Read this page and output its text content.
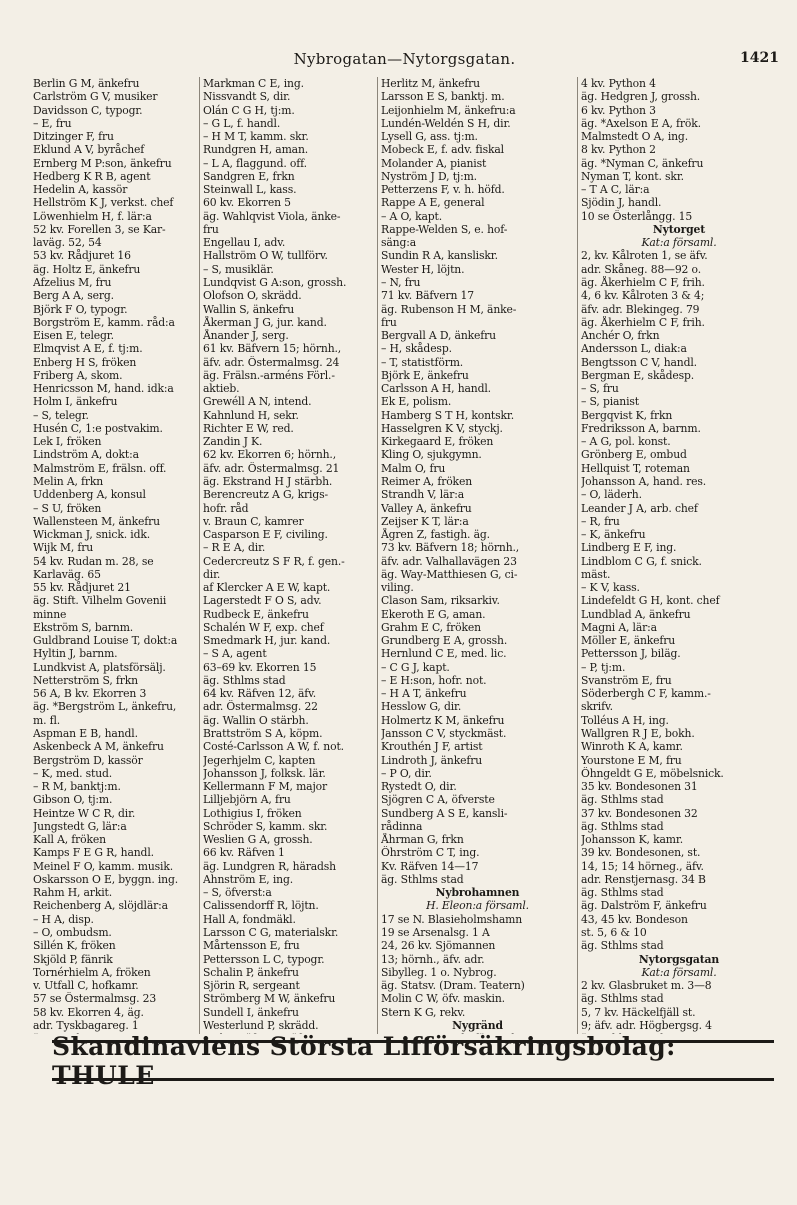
Nybrogatan—Nytorgsgatan.	1421
Berlin G M, änkefru
Carlström G V, musiker
Davidsson C, typogr.
– E, fru
Ditzinger F, fru
Eklund A V, byråchef
Ernberg M P:son, änkefru
Hedberg K R B, agent
Hedelin A, kassör
Hellström K J, verkst. chef
Löwenhielm H, f. lär:a
52 kv. Forellen 3, se Kar-
laväg. 52, 54
53 kv. Rådjuret 16
äg. Holtz E, änkefru
Afzelius M, fru
Berg A A, serg.
Björk F O, typogr.
Borgström E, kamm. råd:a
Eisen E, telegr.
Elmqvist A E, f. tj:m.
Enberg H S, fröken
Friberg A, skom.
Henricsson M, hand. idk:a
Holm I, änkefru
– S, telegr.
Husén C, 1:e postvakim.
Lek I, fröken
Lindström A, dokt:a
Malmström E, frälsn. off.
Melin A, frkn
Uddenberg A, konsul
– S U, fröken
Wallensteen M, änkefru
Wickman J, snick. idk.
Wijk M, fru
54 kv. Rudan m. 28, se
Karlaväg. 65
55 kv. Rådjuret 21
äg. Stift. Vilhelm Govenii
minne
Ekström S, barnm.
Guldbrand Louise T, dokt:a
Hyltin J, barnm.
Lundkvist A, platsförsälj.
Netterström S, frkn
56 A, B kv. Ekorren 3
äg. *Bergström L, änkefru,
m. fl.
Aspman E B, handl.
Askenbeck A M, änkefru
Bergström D, kassör
– K, med. stud.
– R M, banktj:m.
Gibson O, tj:m.
Heintze W C R, dir.
Jungstedt G, lär:a
Kall A, fröken
Kamps F E G R, handl.
Meinel F O, kamm. musik.
Oskarsson O E, byggn. ing.
Rahm H, arkit.
Reichenberg A, slöjdlär:a
– H A, disp.
– O, ombudsm.
Sillén K, fröken
Skjöld P, fänrik
Tornérhielm A, fröken
v. Utfall C, hofkamr.
57 se Östermalmsg. 23
58 kv. Ekorren 4, äg.
adr. Tyskbagareg. 1
Markman C E, ing.
Nissvandt S, dir.
Olán C G H, tj:m.
– G L, f. handl.
– H M T, kamm. skr.
Rundgren H, aman.
– L A, flaggund. off.
Sandgren E, frkn
Steinwall L, kass.
60 kv. Ekorren 5
äg. Wahlqvist Viola, änke-
fru
Engellau I, adv.
Hallström O W, tullförv.
– S, musiklär.
Lundqvist G A:son, grossh.
Olofson O, skrädd.
Wallin S, änkefru
Åkerman J G, jur. kand.
Ånander J, serg.
61 kv. Bäfvern 15; hörnh.,
äfv. adr. Östermalmsg. 24
äg. Frälsn.-arméns Förl.-
aktieb.
Grewéll A N, intend.
Kahnlund H, sekr.
Richter E W, red.
Zandin J K.
62 kv. Ekorren 6; hörnh.,
äfv. adr. Östermalmsg. 21
äg. Ekstrand H J stärbh.
Berencreutz A G, krigs-
hofr. råd
v. Braun C, kamrer
Casparson E F, civiling.
– R E A, dir.
Cedercreutz S F R, f. gen.-
dir.
af Klercker A E W, kapt.
Lagerstedt F O S, adv.
Rudbeck E, änkefru
Schalén W F, exp. chef
Smedmark H, jur. kand.
– S A, agent
63–69 kv. Ekorren 15
äg. Sthlms stad
64 kv. Räfven 12, äfv.
adr. Östermalmsg. 22
äg. Wallin O stärbh.
Brattström S A, köpm.
Costé-Carlsson A W, f. not.
Jegerhjelm C, kapten
Johansson J, folksk. lär.
Kellermann F M, major
Lilljebjörn A, fru
Lothigius I, fröken
Schröder S, kamm. skr.
Weslien G A, grossh.
66 kv. Räfven 1
äg. Lundgren R, häradsh
Ahnström E, ing.
– S, öfverst:a
Calissendorff R, löjtn.
Hall A, fondmäkl.
Larsson C G, materialskr.
Mårtensson E, fru
Pettersson L C, typogr.
Schalin P, änkefru
Sjörin R, sergeant
Strömberg M W, änkefru
Sundell I, änkefru
Westerlund P, skrädd.
Herlitz M, änkefru
Larsson E S, banktj. m.
Leijonhielm M, änkefru:a
Lundén-Weldén S H, dir.
Lysell G, ass. tj:m.
Mobeck E, f. adv. fiskal
Molander A, pianist
Nyström J D, tj:m.
Petterzens F, v. h. höfd.
Rappe A E, general
– A O, kapt.
Rappe-Welden S, e. hof-
säng:a
Sundin R A, kansliskr.
Wester H, löjtn.
– N, fru
71 kv. Bäfvern 17
äg. Rubenson H M, änke-
fru
Bergvall A D, änkefru
– H, skådesp.
– T, statistförm.
Björk E, änkefru
Carlsson A H, handl.
Ek E, polism.
Hamberg S T H, kontskr.
Hasselgren K V, styckj.
Kirkegaard E, fröken
Kling O, sjukgymn.
Malm O, fru
Reimer A, fröken
Strandh V, lär:a
Valley A, änkefru
Zeijser K T, lär:a
Ågren Z, fastigh. äg.
73 kv. Bäfvern 18; hörnh.,
äfv. adr. Valhallavägen 23
äg. Way-Matthiesen G, ci-
viling.
Clason Sam, riksarkiv.
Ekeroth E G, aman.
Grahm E C, fröken
Grundberg E A, grossh.
Hernlund C E, med. lic.
– C G J, kapt.
– E H:son, hofr. not.
– H A T, änkefru
Hesslow G, dir.
Holmertz K M, änkefru
Jansson C V, styckmäst.
Krouthén J F, artist
Lindroth J, änkefru
– P O, dir.
Rystedt O, dir.
Sjögren C A, öfverste
Sundberg A S E, kansli-
rådinna
Åhrman G, frkn
Öhrström C T, ing.
Kv. Räfven 14—17
äg. Sthlms stad
Nybrohamnen
H. Eleon:a församl.
17 se N. Blasieholmshamn
19 se Arsenalsg. 1 A
24, 26 kv. Sjömannen
13; hörnh., äfv. adr.
Sibylleg. 1 o. Nybrog.
äg. Statsv. (Dram. Teatern)
Molin C W, öfv. maskin.
Stern K G, rekv.
Nygränd
4 kv. Python 4
äg. Hedgren J, grossh.
6 kv. Python 3
äg. *Axelson E A, frök.
Malmstedt O A, ing.
8 kv. Python 2
äg. *Nyman C, änkefru
Nyman T, kont. skr.
– T A C, lär:a
Sjödin J, handl.
10 se Österlångg. 15
Nytorget
Kat:a församl.
2, kv. Kålroten 1, se äfv.
adr. Skåneg. 88—92 o.
äg. Åkerhielm C F, frih.
4, 6 kv. Kålroten 3 & 4;
äfv. adr. Blekingeg. 79
äg. Åkerhielm C F, frih.
Anchér O, frkn
Andersson L, diak:a
Bengtsson C V, handl.
Bergman E, skådesp.
– S, fru
– S, pianist
Bergqvist K, frkn
Fredriksson A, barnm.
– A G, pol. konst.
Grönberg E, ombud
Hellquist T, roteman
Johansson A, hand. res.
– O, läderh.
Leander J A, arb. chef
– R, fru
– K, änkefru
Lindberg E F, ing.
Lindblom C G, f. snick.
mäst.
– K V, kass.
Lindefeldt G H, kont. chef
Lundblad A, änkefru
Magni A, lär:a
Möller E, änkefru
Pettersson J, biläg.
– P, tj:m.
Svanström E, fru
Söderbergh C F, kamm.-
skrifv.
Tolléus A H, ing.
Wallgren R J E, bokh.
Winroth K A, kamr.
Yourstone E M, fru
Öhngeldt G E, möbelsnick.
35 kv. Bondesonen 31
äg. Sthlms stad
37 kv. Bondesonen 32
äg. Sthlms stad
Johansson K, kamr.
39 kv. Bondesonen, st.
14, 15; 14 hörneg., äfv.
adr. Renstjernasg. 34 B
äg. Sthlms stad
äg. Dalström F, änkefru
43, 45 kv. Bondeson
st. 5, 6 & 10
äg. Sthlms stad
Nytorgsgatan
Kat:a församl.
2 kv. Glasbruket m. 3—8
äg. Sthlms stad
5, 7 kv. Häckelfjäll st.
9; äfv. adr. Högbergsg. 4
Skandinaviens Största Lifförsäkringsbolag: THULE
